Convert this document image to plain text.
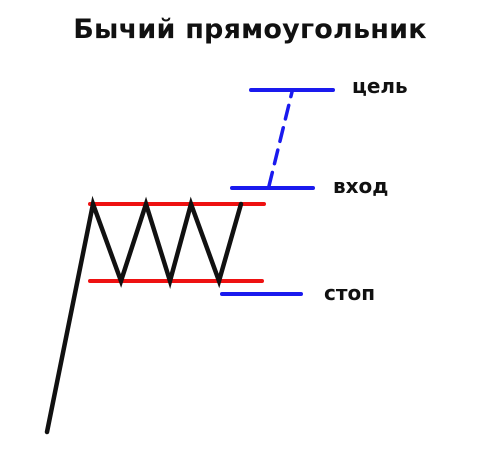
Бычий прямоугольник
цель
вход
стоп
